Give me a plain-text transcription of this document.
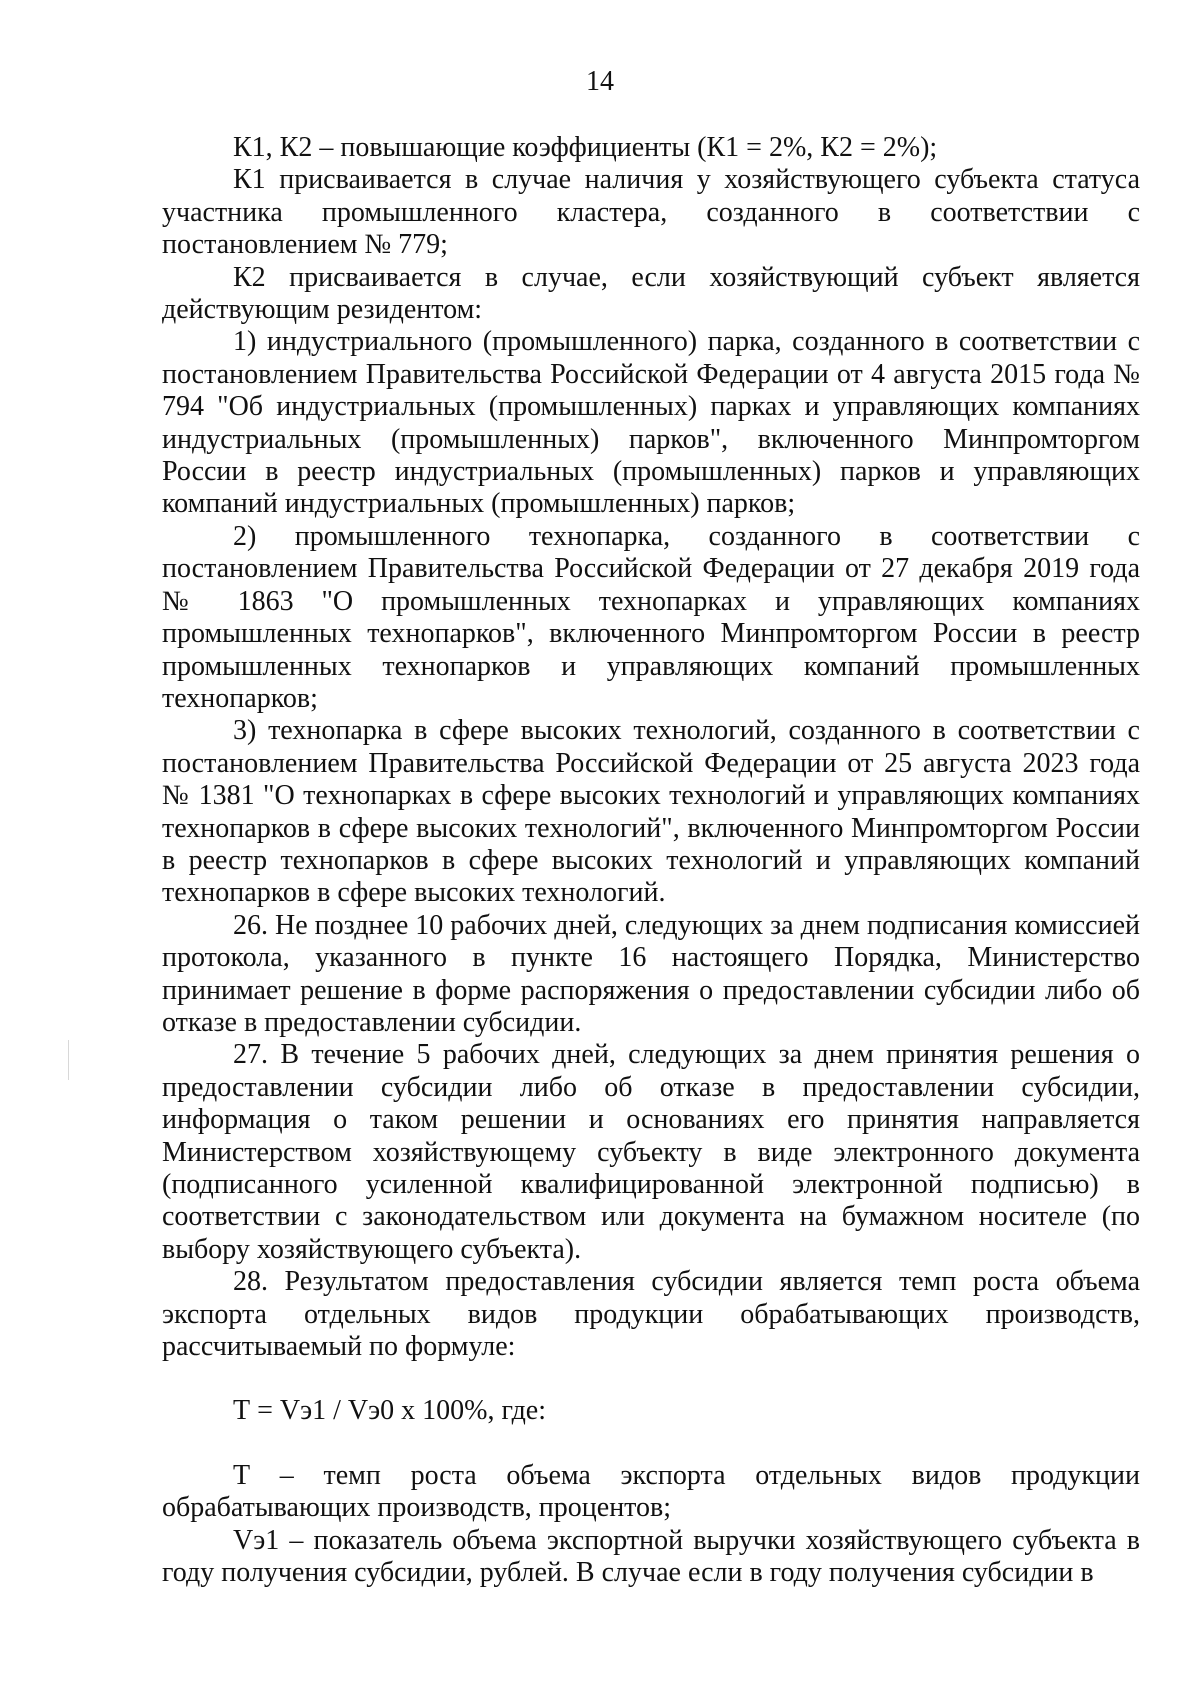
14

К1, К2 – повышающие коэффициенты (К1 = 2%, К2 = 2%);

К1 присваивается в случае наличия у хозяйствующего субъекта статуса участника промышленного кластера, созданного в соответствии с постановлением № 779;

К2 присваивается в случае, если хозяйствующий субъект является действующим резидентом:

1) индустриального (промышленного) парка, созданного в соответствии с постановлением Правительства Российской Федерации от 4 августа 2015 года № 794 "Об индустриальных (промышленных) парках и управляющих компаниях индустриальных (промышленных) парков", включенного Минпромторгом России в реестр индустриальных (промышленных) парков и управляющих компаний индустриальных (промышленных) парков;

2) промышленного технопарка, созданного в соответствии с постановлением Правительства Российской Федерации от 27 декабря 2019 года № 1863 "О промышленных технопарках и управляющих компаниях промышленных технопарков", включенного Минпромторгом России в реестр промышленных технопарков и управляющих компаний промышленных технопарков;

3) технопарка в сфере высоких технологий, созданного в соответствии с постановлением Правительства Российской Федерации от 25 августа 2023 года № 1381 "О технопарках в сфере высоких технологий и управляющих компаниях технопарков в сфере высоких технологий", включенного Минпромторгом России в реестр технопарков в сфере высоких технологий и управляющих компаний технопарков в сфере высоких технологий.

26. Не позднее 10 рабочих дней, следующих за днем подписания комиссией протокола, указанного в пункте 16 настоящего Порядка, Министерство принимает решение в форме распоряжения о предоставлении субсидии либо об отказе в предоставлении субсидии.

27. В течение 5 рабочих дней, следующих за днем принятия решения о предоставлении субсидии либо об отказе в предоставлении субсидии, информация о таком решении и основаниях его принятия направляется Министерством хозяйствующему субъекту в виде электронного документа (подписанного усиленной квалифицированной электронной подписью) в соответствии с законодательством или документа на бумажном носителе (по выбору хозяйствующего субъекта).

28. Результатом предоставления субсидии является темп роста объема экспорта отдельных видов продукции обрабатывающих производств, рассчитываемый по формуле:

Т = Vэ1 / Vэ0 х 100%, где:

Т – темп роста объема экспорта отдельных видов продукции обрабатывающих производств, процентов;

Vэ1 – показатель объема экспортной выручки хозяйствующего субъекта в году получения субсидии, рублей. В случае если в году получения субсидии в
